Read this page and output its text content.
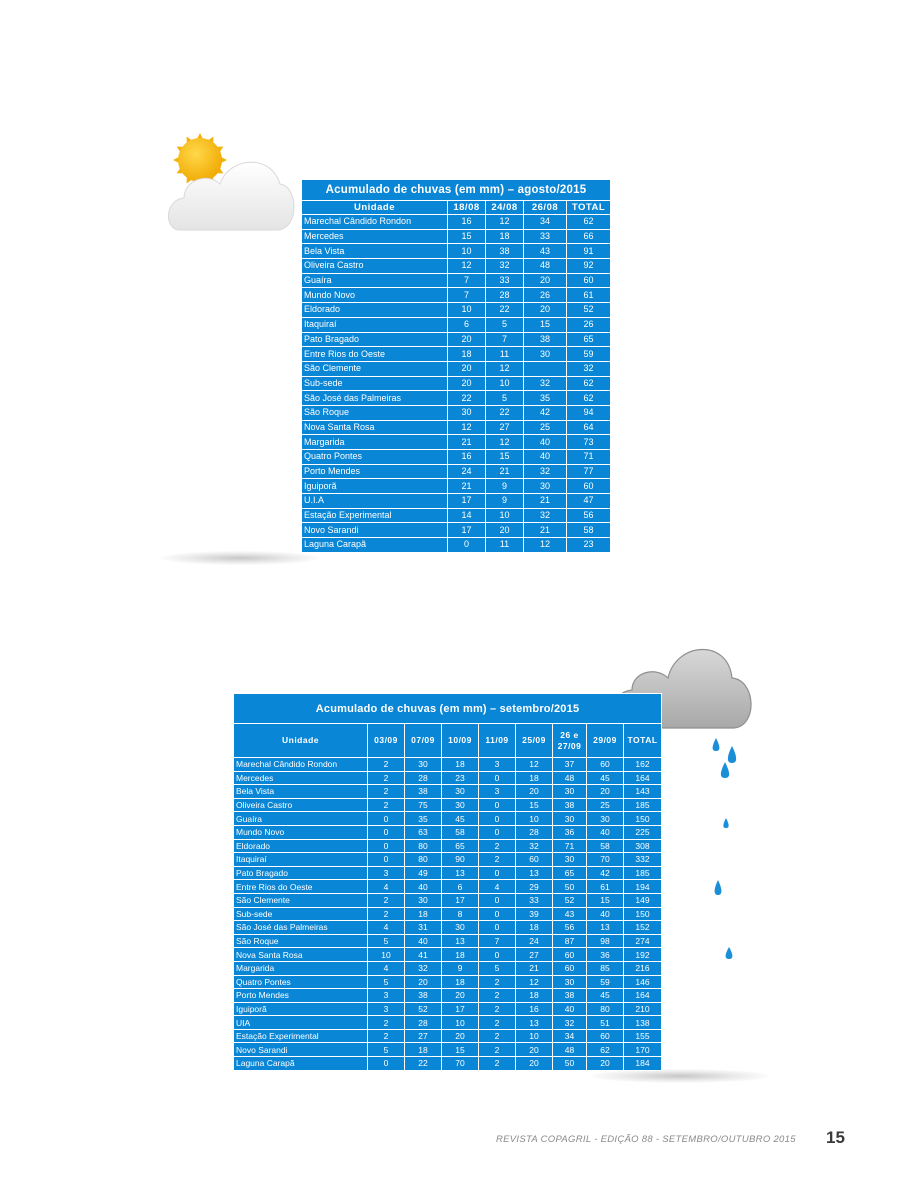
Acumulado de chuvas (em mm) – agosto/2015				
Unidade	18/08	24/08	26/08	TOTAL
Marechal Cândido Rondon	16	12	34	62
Mercedes	15	18	33	66
Bela Vista	10	38	43	91
Oliveira Castro	12	32	48	92
Guaíra	7	33	20	60
Mundo Novo	7	28	26	61
Eldorado	10	22	20	52
Itaquiraí	6	5	15	26
Pato Bragado	20	7	38	65
Entre Rios do Oeste	18	11	30	59
São Clemente	20	12		32
Sub-sede	20	10	32	62
São José das Palmeiras	22	5	35	62
São Roque	30	22	42	94
Nova Santa Rosa	12	27	25	64
Margarida	21	12	40	73
Quatro Pontes	16	15	40	71
Porto Mendes	24	21	32	77
Iguiporã	21	9	30	60
U.I.A	17	9	21	47
Estação Experimental	14	10	32	56
Novo Sarandi	17	20	21	58
Laguna Carapã	0	11	12	23
Acumulado de chuvas (em mm) – setembro/2015								
Unidade	03/09	07/09	10/09	11/09	25/09	26 e 27/09	29/09	TOTAL
Marechal Cândido Rondon	2	30	18	3	12	37	60	162
Mercedes	2	28	23	0	18	48	45	164
Bela Vista	2	38	30	3	20	30	20	143
Oliveira Castro	2	75	30	0	15	38	25	185
Guaíra	0	35	45	0	10	30	30	150
Mundo Novo	0	63	58	0	28	36	40	225
Eldorado	0	80	65	2	32	71	58	308
Itaquiraí	0	80	90	2	60	30	70	332
Pato Bragado	3	49	13	0	13	65	42	185
Entre Rios do Oeste	4	40	6	4	29	50	61	194
São Clemente	2	30	17	0	33	52	15	149
Sub-sede	2	18	8	0	39	43	40	150
São José das Palmeiras	4	31	30	0	18	56	13	152
São Roque	5	40	13	7	24	87	98	274
Nova Santa Rosa	10	41	18	0	27	60	36	192
Margarida	4	32	9	5	21	60	85	216
Quatro Pontes	5	20	18	2	12	30	59	146
Porto Mendes	3	38	20	2	18	38	45	164
Iguiporã	3	52	17	2	16	40	80	210
UIA	2	28	10	2	13	32	51	138
Estação Experimental	2	27	20	2	10	34	60	155
Novo Sarandi	5	18	15	2	20	48	62	170
Laguna Carapã	0	22	70	2	20	50	20	184
REVISTA COPAGRIL - EDIÇÃO 88 - SETEMBRO/OUTUBRO 2015 15
